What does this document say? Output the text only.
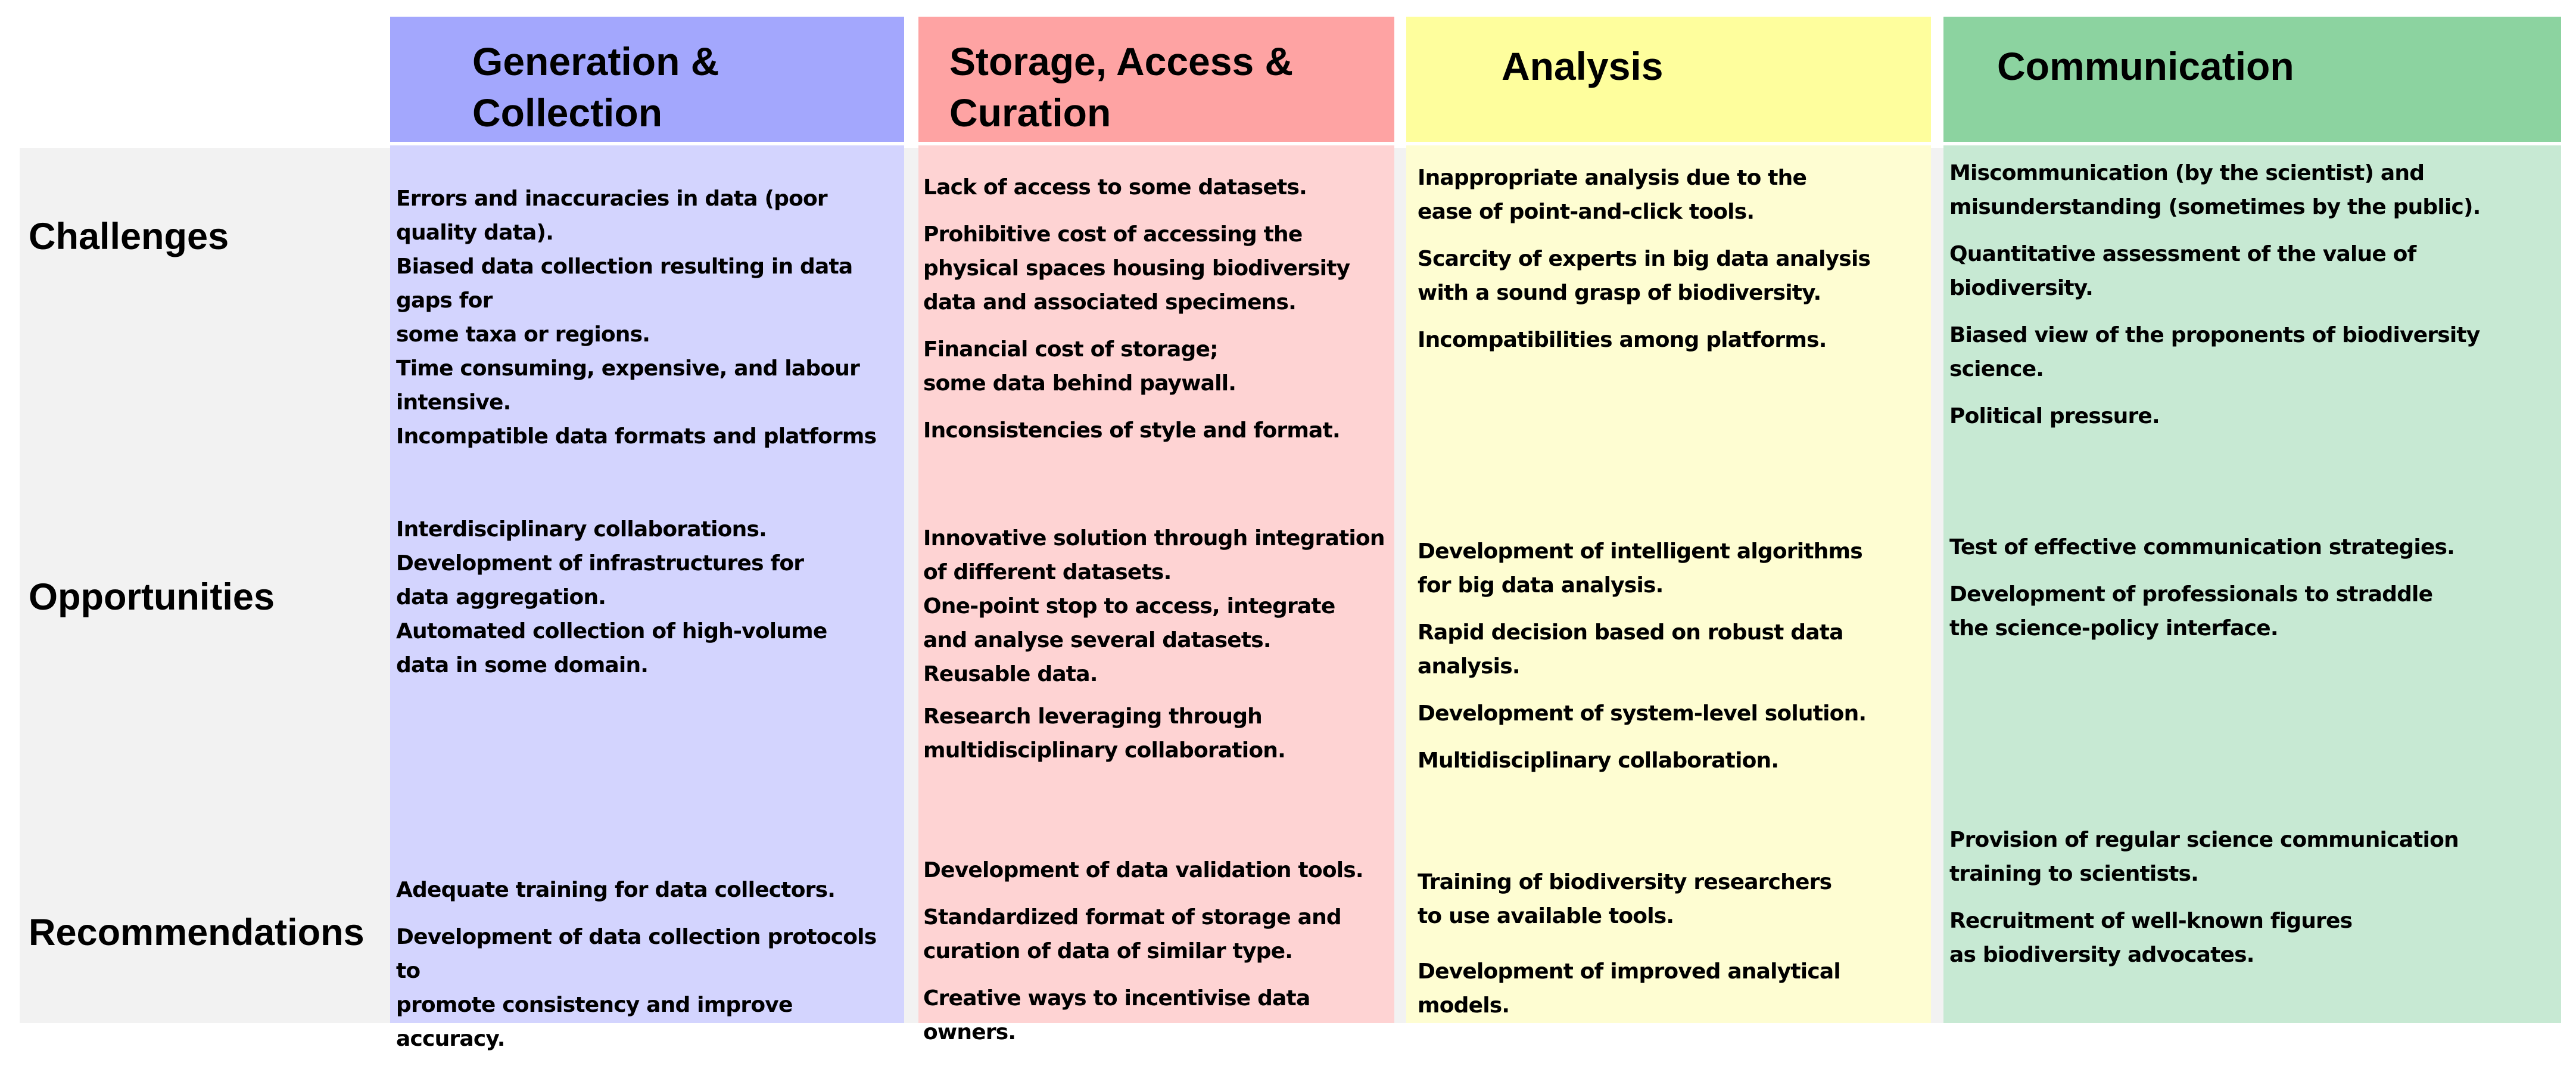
Generation &
Collection

Storage, Access &
Curation

Analysis	Communication

Challenges
Opportunities
Recommendations
Errors and inaccuracies in data (poor quality data).
Biased data collection resulting in data gaps for
some taxa or regions.
Time consuming, expensive, and labour intensive.
Incompatible data formats and platforms
Lack of access to some datasets.
Prohibitive cost of accessing the
physical spaces housing biodiversity
data and associated specimens.
Financial cost of storage;
some data behind paywall.
Inconsistencies of style and format.
Inappropriate analysis due to the
ease of point-and-click tools.
Scarcity of experts in big data analysis
with a sound grasp of biodiversity.
Incompatibilities among platforms.
Miscommunication (by the scientist) and
misunderstanding (sometimes by the public).
Quantitative assessment of the value of biodiversity.
Biased view of the proponents of biodiversity science.
Political pressure.
Interdisciplinary collaborations.
Development of infrastructures for
data aggregation.
Automated collection of high-volume
data in some domain.
Innovative solution through integration
of different datasets.
One-point stop to access, integrate
and analyse several datasets.
Reusable data.
Research leveraging through
multidisciplinary collaboration.
Development of intelligent algorithms
for big data analysis.
Rapid decision based on robust data analysis.
Development of system-level solution.
Multidisciplinary collaboration.
Test of effective communication strategies.
Development of professionals to straddle
the science-policy interface.
Adequate training for data collectors.
Development of data collection protocols to
promote consistency and improve accuracy.
Development of data validation tools.
Standardized format of storage and
curation of data of similar type.
Creative ways to incentivise data owners.
Training of biodiversity researchers
to use available tools.
Development of improved analytical models.
Provision of regular science communication
training to scientists.
Recruitment of well-known figures
as biodiversity advocates.
